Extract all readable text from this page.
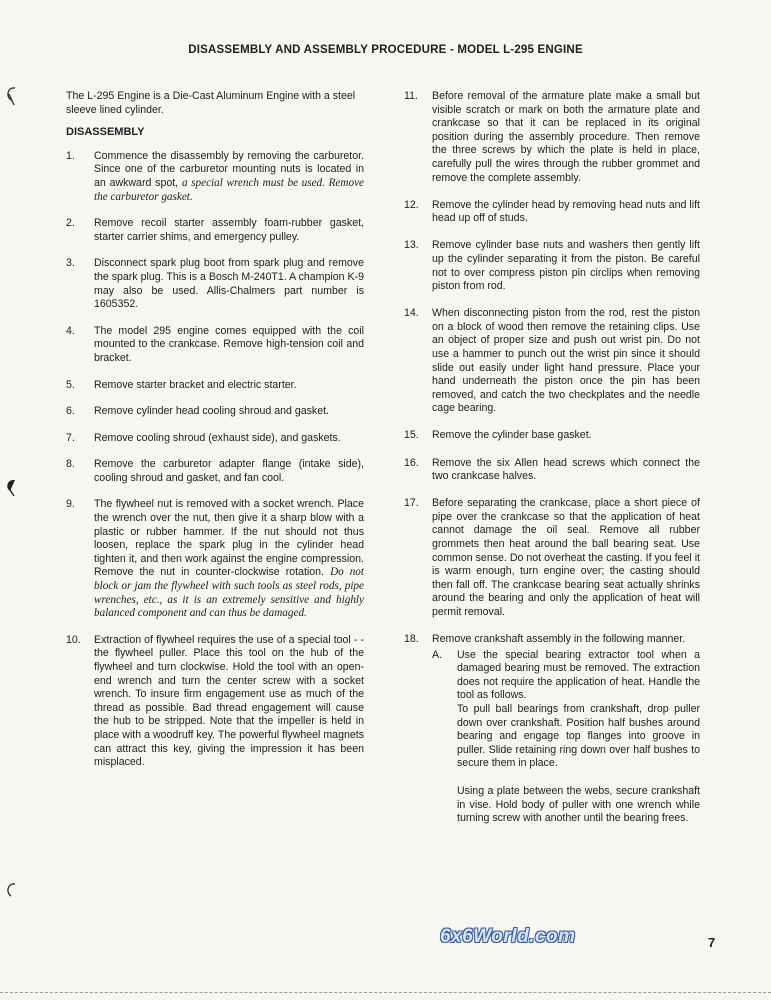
DISASSEMBLY AND ASSEMBLY PROCEDURE - MODEL L-295 ENGINE

The L-295 Engine is a Die-Cast Aluminum Engine with a steel sleeve lined cylinder.

DISASSEMBLY
1. Commence the disassembly by removing the carburetor. Since one of the carburetor mounting nuts is located in an awkward spot, a special wrench must be used. Remove the carburetor gasket.
2. Remove recoil starter assembly foam-rubber gasket, starter carrier shims, and emergency pulley.
3. Disconnect spark plug boot from spark plug and remove the spark plug. This is a Bosch M-240T1. A champion K-9 may also be used. Allis-Chalmers part number is 1605352.
4. The model 295 engine comes equipped with the coil mounted to the crankcase. Remove high-tension coil and bracket.
5. Remove starter bracket and electric starter.
6. Remove cylinder head cooling shroud and gasket.
7. Remove cooling shroud (exhaust side), and gaskets.
8. Remove the carburetor adapter flange (intake side), cooling shroud and gasket, and fan cool.
9. The flywheel nut is removed with a socket wrench. Place the wrench over the nut, then give it a sharp blow with a plastic or rubber hammer. If the nut should not thus loosen, replace the spark plug in the cylinder head tighten it, and then work against the engine compression. Remove the nut in counter-clockwise rotation. Do not block or jam the flywheel with such tools as steel rods, pipe wrenches, etc., as it is an extremely sensitive and highly balanced component and can thus be damaged.
10. Extraction of flywheel requires the use of a special tool - - the flywheel puller. Place this tool on the hub of the flywheel and turn clockwise. Hold the tool with an open-end wrench and turn the center screw with a socket wrench. To insure firm engagement use as much of the thread as possible. Bad thread engagement will cause the hub to be stripped. Note that the impeller is held in place with a woodruff key. The powerful flywheel magnets can attract this key, giving the impression it has been misplaced.
11. Before removal of the armature plate make a small but visible scratch or mark on both the armature plate and crankcase so that it can be replaced in its original position during the assembly procedure. Then remove the three screws by which the plate is held in place, carefully pull the wires through the rubber grommet and remove the complete assembly.
12. Remove the cylinder head by removing head nuts and lift head up off of studs.
13. Remove cylinder base nuts and washers then gently lift up the cylinder separating it from the piston. Be careful not to over compress piston pin circlips when removing piston from rod.
14. When disconnecting piston from the rod, rest the piston on a block of wood then remove the retaining clips. Use an object of proper size and push out wrist pin. Do not use a hammer to punch out the wrist pin since it should slide out easily under light hand pressure. Place your hand underneath the piston once the pin has been removed, and catch the two checkplates and the needle cage bearing.
15. Remove the cylinder base gasket.
16. Remove the six Allen head screws which connect the two crankcase halves.
17. Before separating the crankcase, place a short piece of pipe over the crankcase so that the application of heat cannot damage the oil seal. Remove all rubber grommets then heat around the ball bearing seat. Use common sense. Do not overheat the casting. If you feel it is warm enough, turn engine over; the casting should then fall off. The crankcase bearing seat actually shrinks around the bearing and only the application of heat will permit removal.
18. Remove crankshaft assembly in the following manner.
A. Use the special bearing extractor tool when a damaged bearing must be removed. The extraction does not require the application of heat. Handle the tool as follows.

To pull ball bearings from crankshaft, drop puller down over crankshaft. Position half bushes around bearing and engage top flanges into groove in puller. Slide retaining ring down over half bushes to secure them in place.

Using a plate between the webs, secure crankshaft in vise. Hold body of puller with one wrench while turning screw with another until the bearing frees.

6x6World.com	7
